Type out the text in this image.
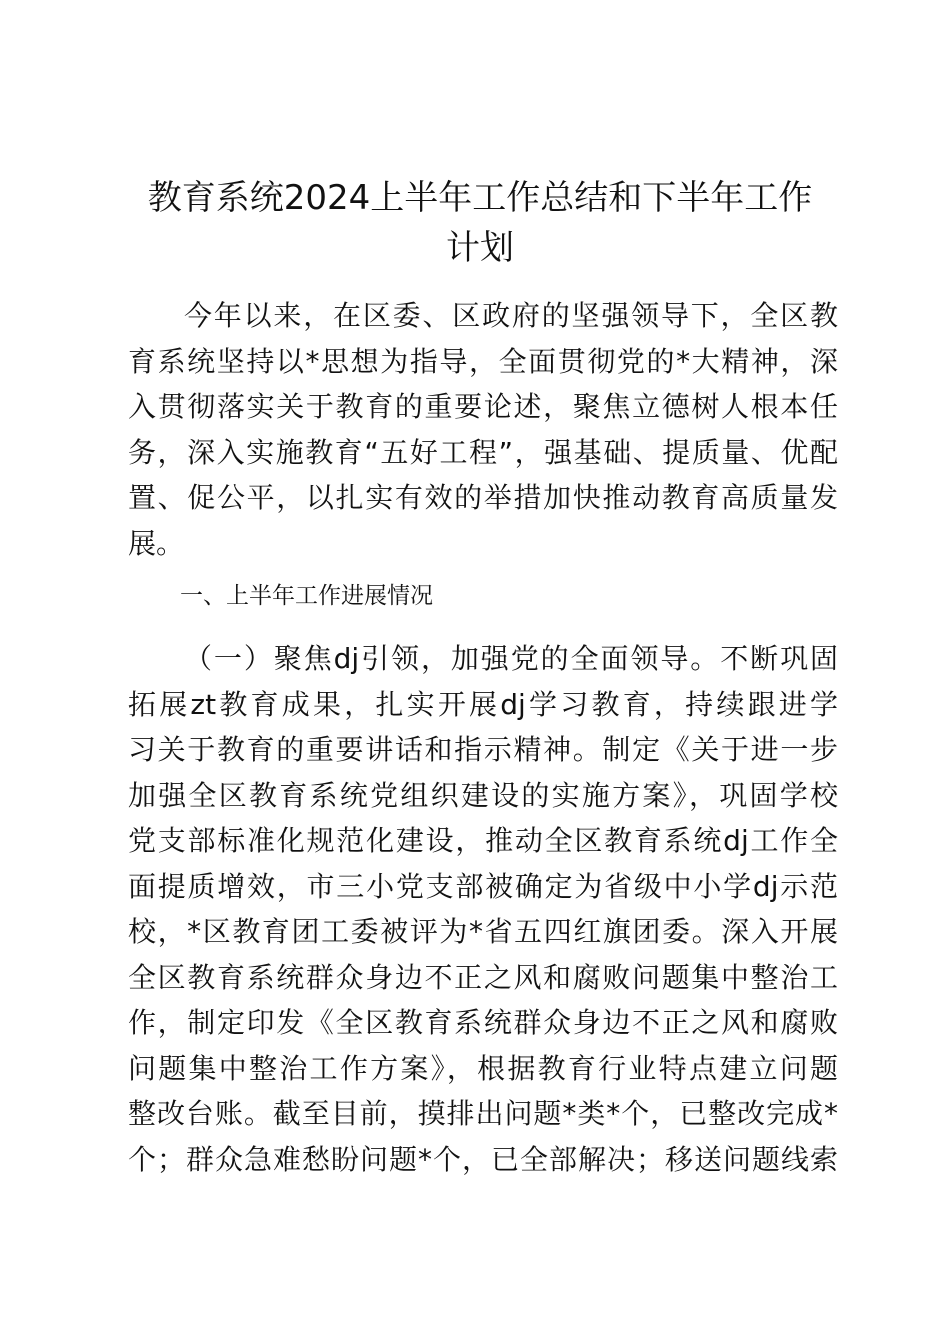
教育系统2024上半年工作总结和下半年工作
计划
今年以来，在区委、区政府的坚强领导下，全区教
育系统坚持以*思想为指导，全面贯彻党的*大精神，深
入贯彻落实关于教育的重要论述，聚焦立德树人根本任
务，深入实施教育“五好工程”，强基础、提质量、优配
置、促公平，以扎实有效的举措加快推动教育高质量发
展。
一、上半年工作进展情况
（一）聚焦dj引领，加强党的全面领导。不断巩固
拓展zt教育成果，扎实开展dj学习教育，持续跟进学
习关于教育的重要讲话和指示精神。制定《关于进一步
加强全区教育系统党组织建设的实施方案》，巩固学校
党支部标准化规范化建设，推动全区教育系统dj工作全
面提质增效，市三小党支部被确定为省级中小学dj示范
校，*区教育团工委被评为*省五四红旗团委。深入开展
全区教育系统群众身边不正之风和腐败问题集中整治工
作，制定印发《全区教育系统群众身边不正之风和腐败
问题集中整治工作方案》，根据教育行业特点建立问题
整改台账。截至目前，摸排出问题*类*个，已整改完成*
个；群众急难愁盼问题*个，已全部解决；移送问题线索
